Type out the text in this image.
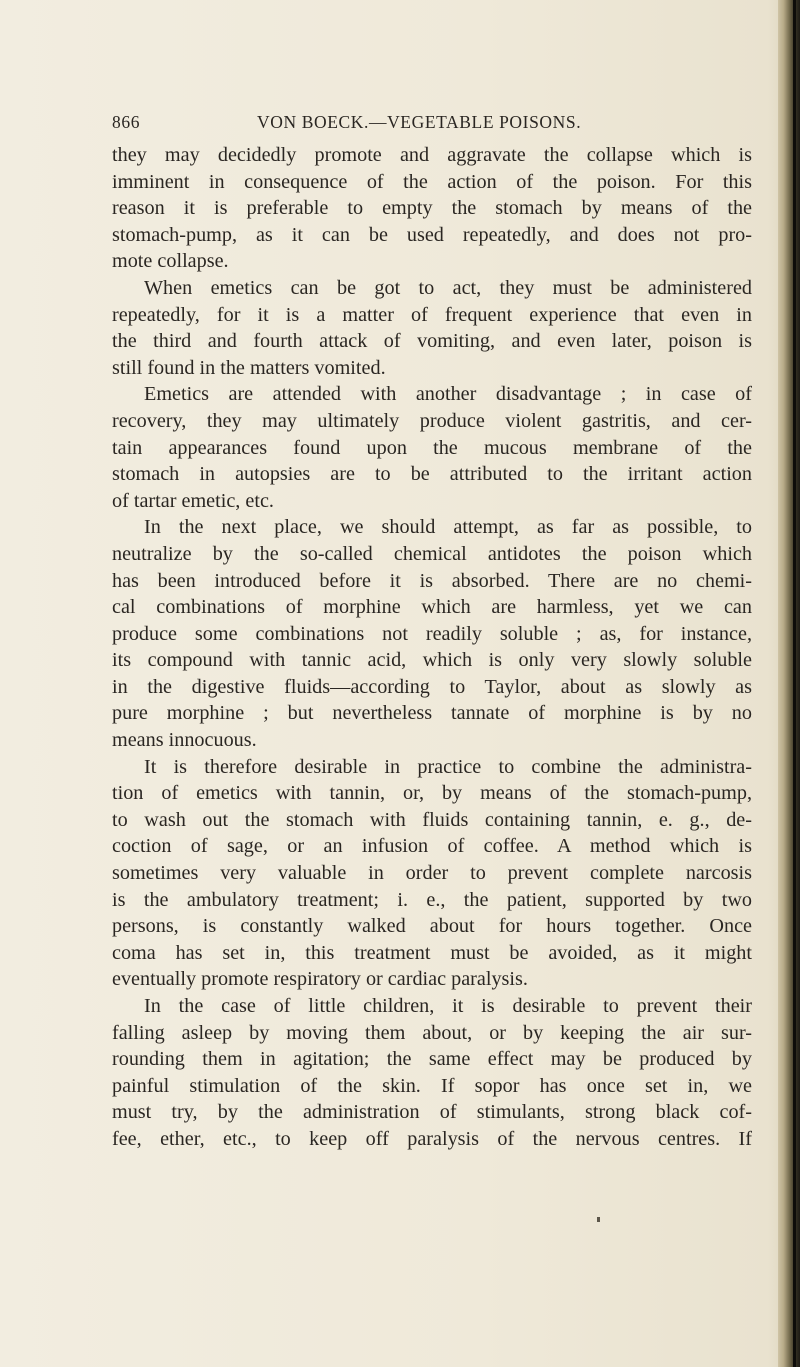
866	VON BOECK.—VEGETABLE POISONS.
they may decidedly promote and aggravate the collapse which is
imminent in consequence of the action of the poison. For this
reason it is preferable to empty the stomach by means of the
stomach-pump, as it can be used repeatedly, and does not pro-
mote collapse.
When emetics can be got to act, they must be administered
repeatedly, for it is a matter of frequent experience that even in
the third and fourth attack of vomiting, and even later, poison is
still found in the matters vomited.
Emetics are attended with another disadvantage ; in case of
recovery, they may ultimately produce violent gastritis, and cer-
tain appearances found upon the mucous membrane of the
stomach in autopsies are to be attributed to the irritant action
of tartar emetic, etc.
In the next place, we should attempt, as far as possible, to
neutralize by the so-called chemical antidotes the poison which
has been introduced before it is absorbed. There are no chemi-
cal combinations of morphine which are harmless, yet we can
produce some combinations not readily soluble ; as, for instance,
its compound with tannic acid, which is only very slowly soluble
in the digestive fluids—according to Taylor, about as slowly as
pure morphine ; but nevertheless tannate of morphine is by no
means innocuous.
It is therefore desirable in practice to combine the administra-
tion of emetics with tannin, or, by means of the stomach-pump,
to wash out the stomach with fluids containing tannin, e. g., de-
coction of sage, or an infusion of coffee. A method which is
sometimes very valuable in order to prevent complete narcosis
is the ambulatory treatment; i. e., the patient, supported by two
persons, is constantly walked about for hours together. Once
coma has set in, this treatment must be avoided, as it might
eventually promote respiratory or cardiac paralysis.
In the case of little children, it is desirable to prevent their
falling asleep by moving them about, or by keeping the air sur-
rounding them in agitation; the same effect may be produced by
painful stimulation of the skin. If sopor has once set in, we
must try, by the administration of stimulants, strong black cof-
fee, ether, etc., to keep off paralysis of the nervous centres. If
